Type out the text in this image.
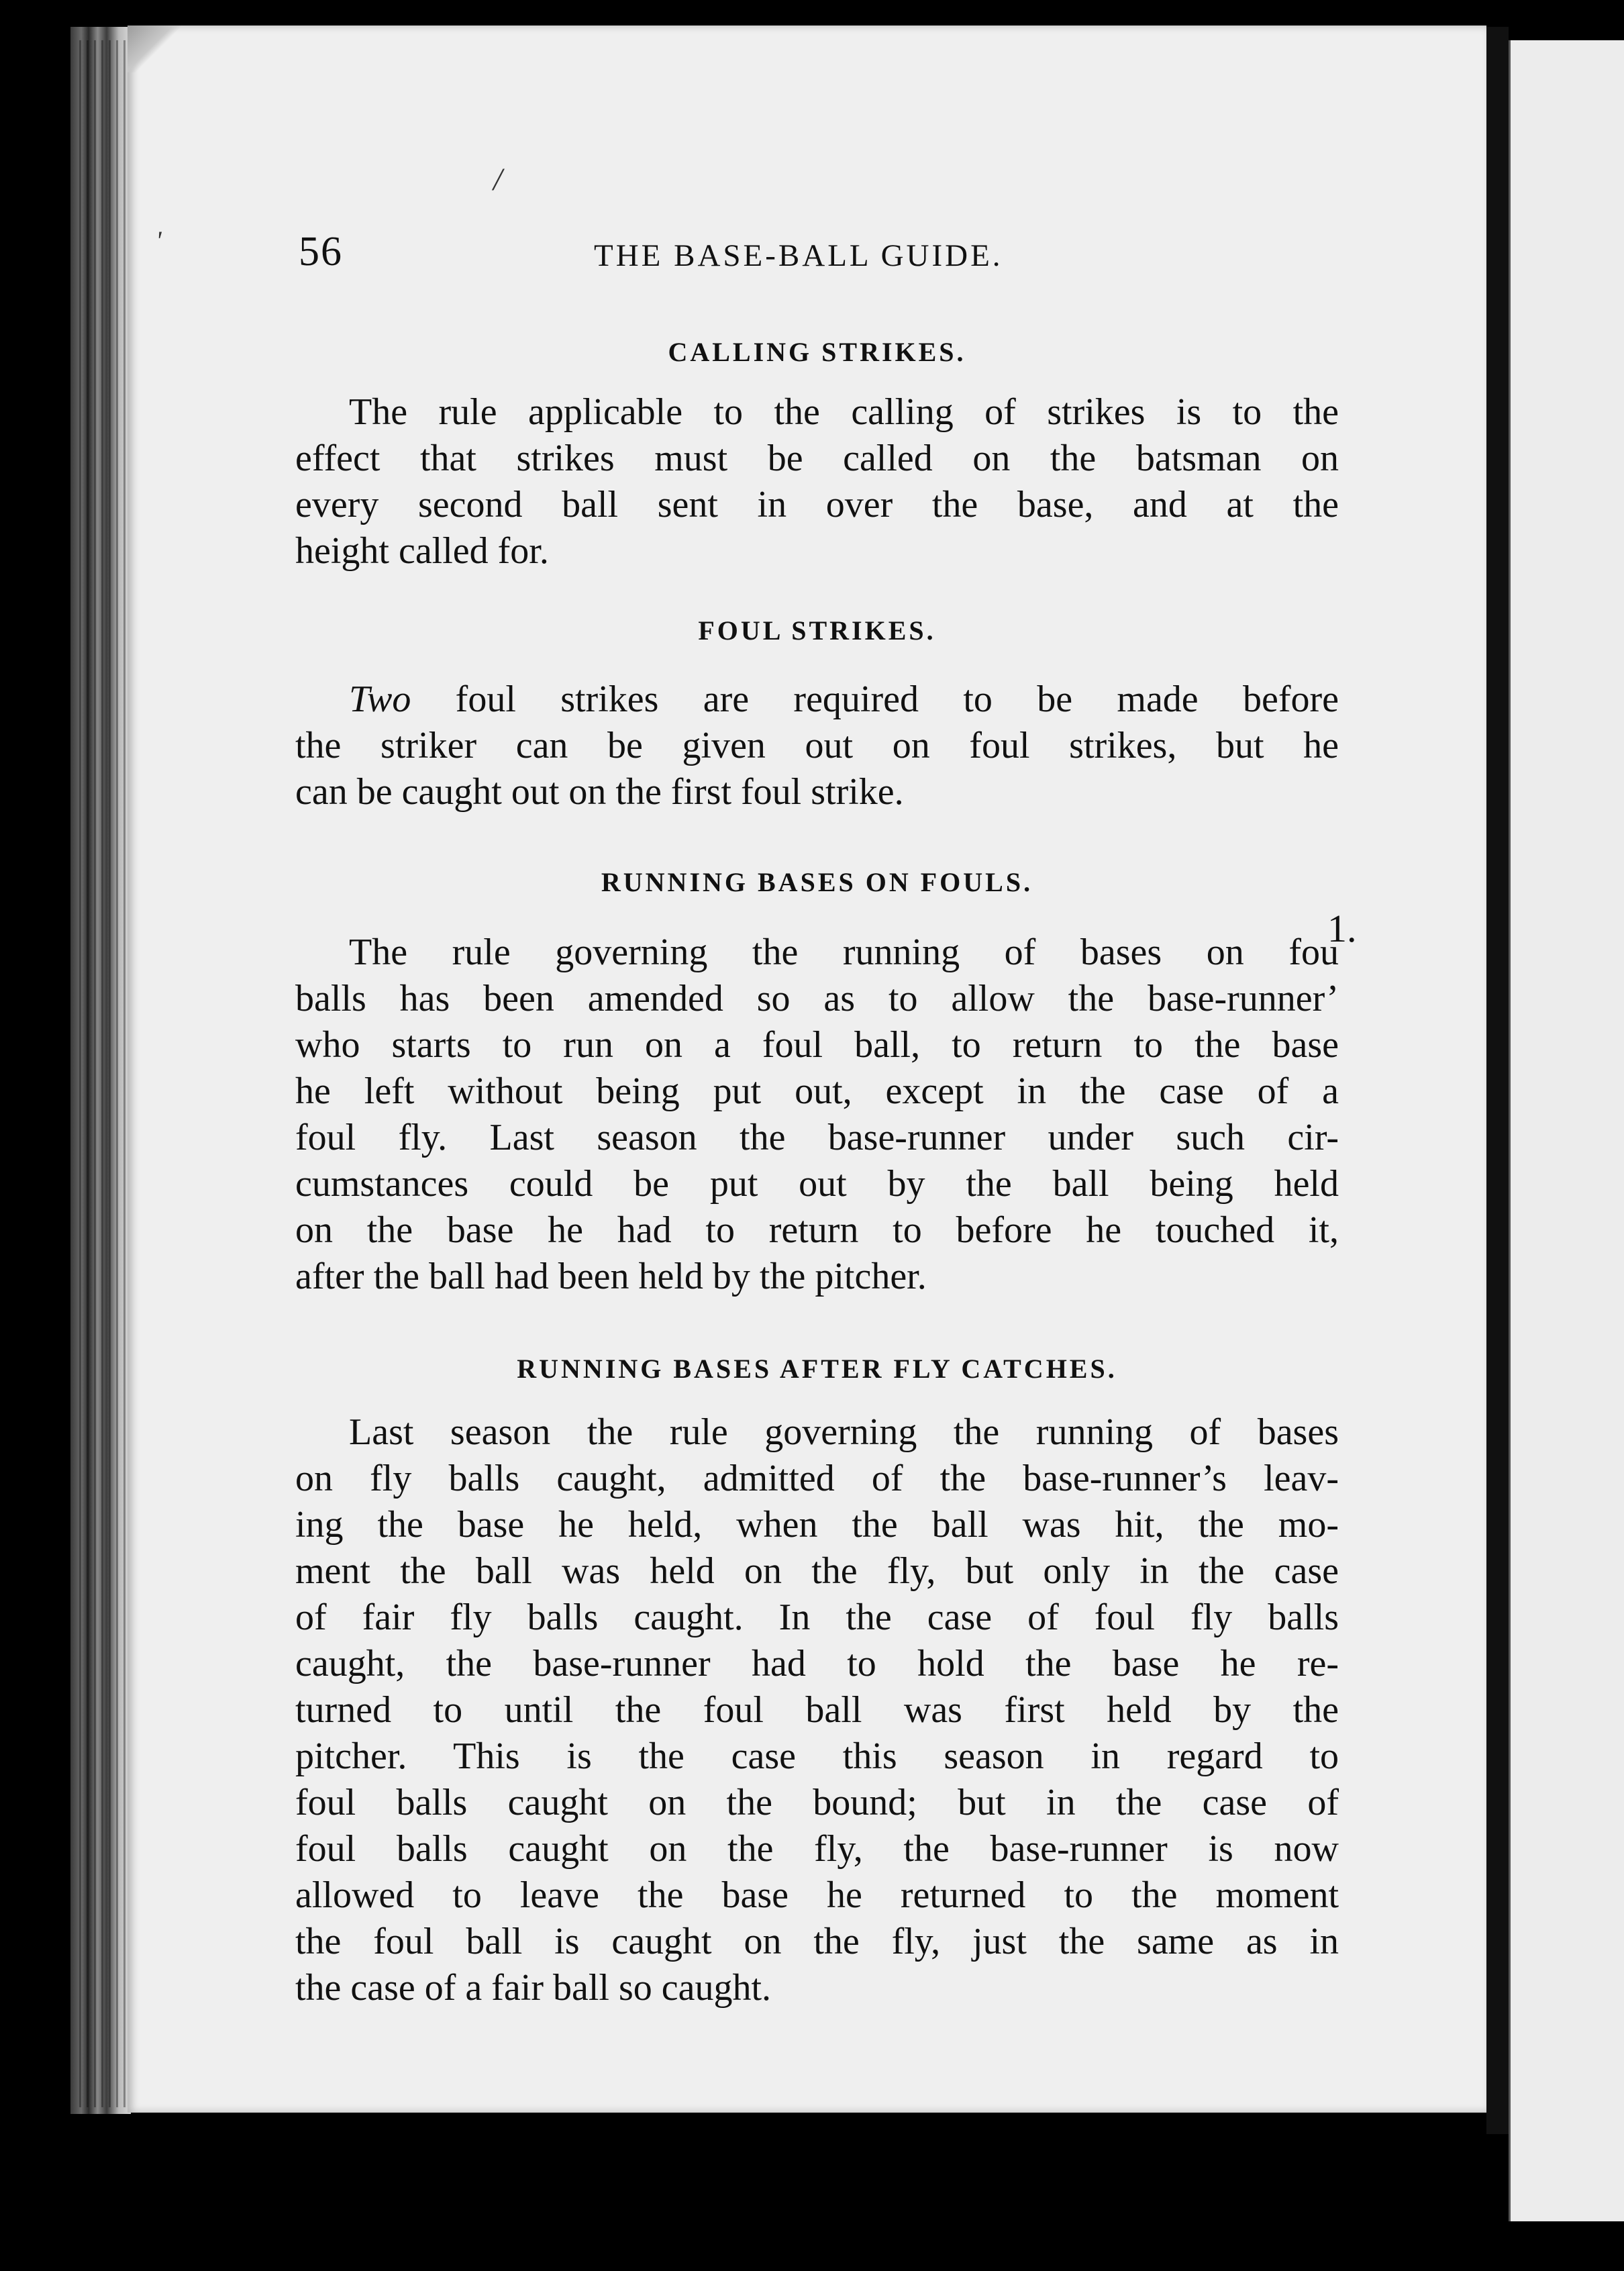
/
'	56	THE BASE-BALL GUIDE.
CALLING STRIKES.
The rule applicable to the calling of strikes is to the
effect that strikes must be called on the batsman on
every second ball sent in over the base, and at the
height called for.
FOUL STRIKES.
Two foul strikes are required to be made before
the striker can be given out on foul strikes, but he
can be caught out on the first foul strike.
RUNNING BASES ON FOULS.
The rule governing the running of bases on fou
balls has been amended so as to allow the base-runner’
who starts to run on a foul ball, to return to the base
he left without being put out, except in the case of a
foul fly. Last season the base-runner under such cir-
cumstances could be put out by the ball being held
on the base he had to return to before he touched it,
after the ball had been held by the pitcher.
1.
RUNNING BASES AFTER FLY CATCHES.
Last season the rule governing the running of bases
on fly balls caught, admitted of the base-runner’s leav-
ing the base he held, when the ball was hit, the mo-
ment the ball was held on the fly, but only in the case
of fair fly balls caught. In the case of foul fly balls
caught, the base-runner had to hold the base he re-
turned to until the foul ball was first held by the
pitcher. This is the case this season in regard to
foul balls caught on the bound; but in the case of
foul balls caught on the fly, the base-runner is now
allowed to leave the base he returned to the moment
the foul ball is caught on the fly, just the same as in
the case of a fair ball so caught.
